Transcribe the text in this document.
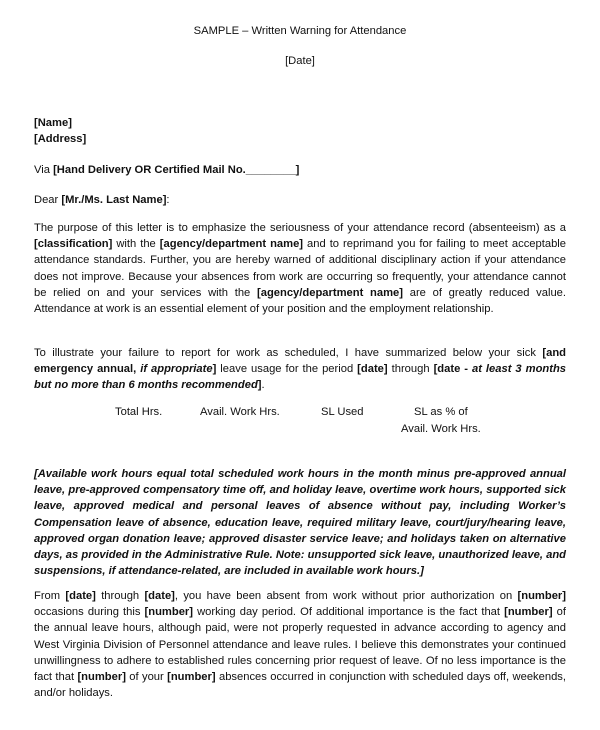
SAMPLE – Written Warning for Attendance
[Date]
[Name]
[Address]
Via [Hand Delivery OR Certified Mail No.________]
Dear [Mr./Ms. Last Name]:
The purpose of this letter is to emphasize the seriousness of your attendance record (absenteeism) as a [classification] with the [agency/department name] and to reprimand you for failing to meet acceptable attendance standards. Further, you are hereby warned of additional disciplinary action if your attendance does not improve. Because your absences from work are occurring so frequently, your attendance cannot be relied on and your services with the [agency/department name] are of greatly reduced value. Attendance at work is an essential element of your position and the employment relationship.
To illustrate your failure to report for work as scheduled, I have summarized below your sick [and emergency annual, if appropriate] leave usage for the period [date] through [date - at least 3 months but no more than 6 months recommended].
Total Hrs.	Avail. Work Hrs.	SL Used	SL as % of
Avail. Work Hrs.
[Available work hours equal total scheduled work hours in the month minus pre-approved annual leave, pre-approved compensatory time off, and holiday leave, overtime work hours, supported sick leave, approved medical and personal leaves of absence without pay, including Worker’s Compensation leave of absence, education leave, required military leave, court/jury/hearing leave, approved organ donation leave; approved disaster service leave; and holidays taken on alternative days, as provided in the Administrative Rule. Note: unsupported sick leave, unauthorized leave, and suspensions, if attendance-related, are included in available work hours.]
From [date] through [date], you have been absent from work without prior authorization on [number] occasions during this [number] working day period. Of additional importance is the fact that [number] of the annual leave hours, although paid, were not properly requested in advance according to agency and West Virginia Division of Personnel attendance and leave rules. I believe this demonstrates your continued unwillingness to adhere to established rules concerning prior request of leave. Of no less importance is the fact that [number] of your [number] absences occurred in conjunction with scheduled days off, weekends, and/or holidays.
